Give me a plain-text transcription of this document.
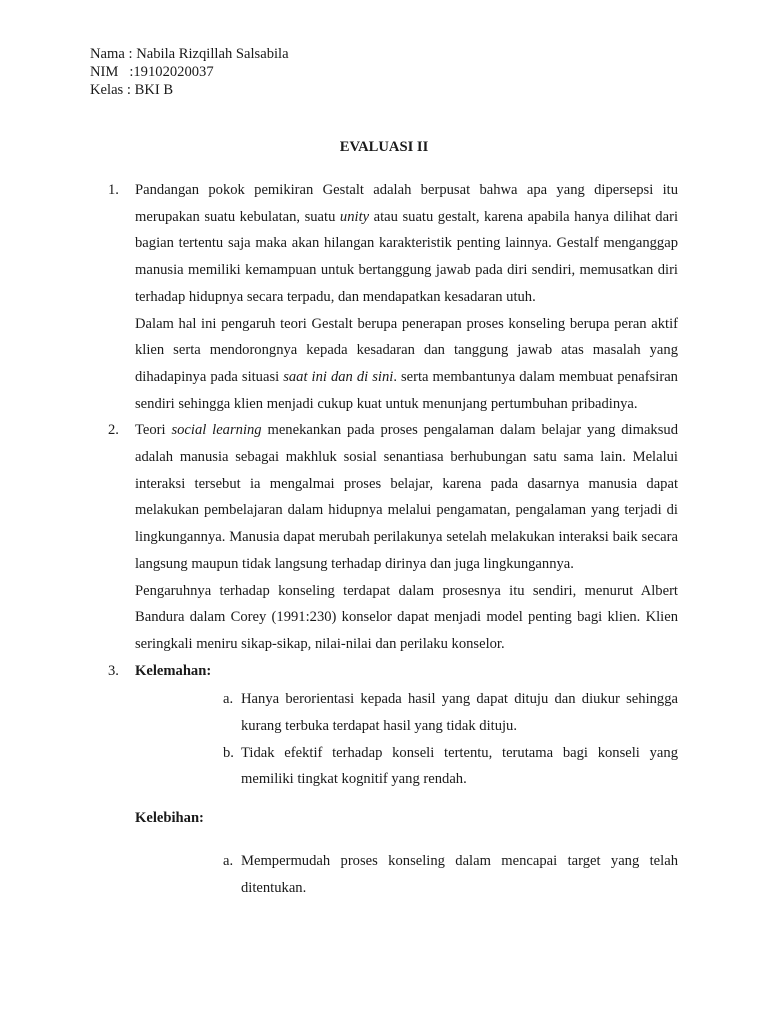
Nama : Nabila Rizqillah Salsabila
NIM   :19102020037
Kelas : BKI B
EVALUASI II
1. Pandangan pokok pemikiran Gestalt adalah berpusat bahwa apa yang dipersepsi itu merupakan suatu kebulatan, suatu unity atau suatu gestalt, karena apabila hanya dilihat dari bagian tertentu saja maka akan hilangan karakteristik penting lainnya. Gestalf menganggap manusia memiliki kemampuan untuk bertanggung jawab pada diri sendiri, memusatkan diri terhadap hidupnya secara terpadu, dan mendapatkan kesadaran utuh.

Dalam hal ini pengaruh teori Gestalt berupa penerapan proses konseling berupa peran aktif klien serta mendorongnya kepada kesadaran dan tanggung jawab atas masalah yang dihadapinya pada situasi saat ini dan di sini. serta membantunya dalam membuat penafsiran sendiri sehingga klien menjadi cukup kuat untuk menunjang pertumbuhan pribadinya.

2. Teori social learning menekankan pada proses pengalaman dalam belajar yang dimaksud adalah manusia sebagai makhluk sosial senantiasa berhubungan satu sama lain. Melalui interaksi tersebut ia mengalmai proses belajar, karena pada dasarnya manusia dapat melakukan pembelajaran dalam hidupnya melalui pengamatan, pengalaman yang terjadi di lingkungannya. Manusia dapat merubah perilakunya setelah melakukan interaksi baik secara langsung maupun tidak langsung terhadap dirinya dan juga lingkungannya.

Pengaruhnya terhadap konseling terdapat dalam prosesnya itu sendiri, menurut Albert Bandura dalam Corey (1991:230) konselor dapat menjadi model penting bagi klien. Klien seringkali meniru sikap-sikap, nilai-nilai dan perilaku konselor.

3. Kelemahan:
a. Hanya berorientasi kepada hasil yang dapat dituju dan diukur sehingga kurang terbuka terdapat hasil yang tidak dituju.
b. Tidak efektif terhadap konseli tertentu, terutama bagi konseli yang memiliki tingkat kognitif yang rendah.
Kelebihan:
a. Mempermudah proses konseling dalam mencapai target yang telah ditentukan.
